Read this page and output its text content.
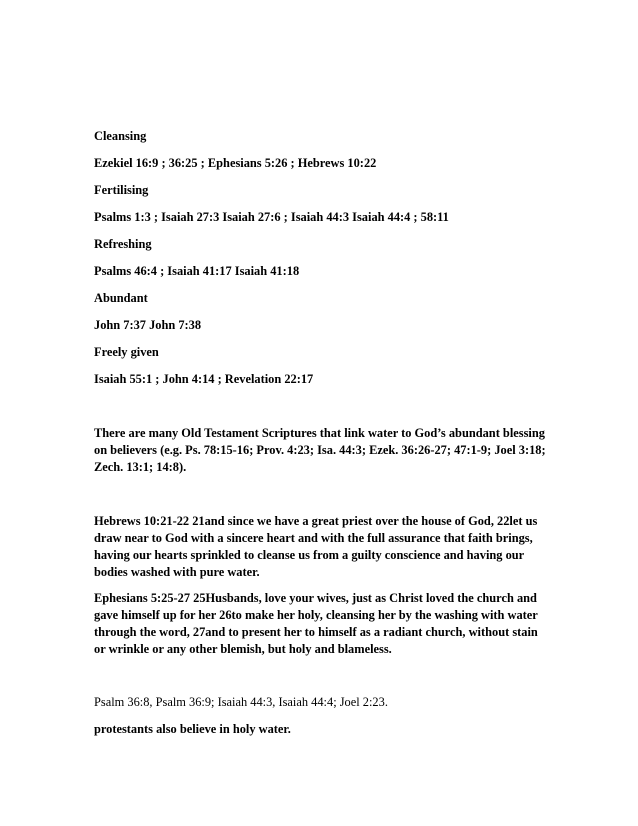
Cleansing
Ezekiel 16:9 ; 36:25 ; Ephesians 5:26 ; Hebrews 10:22
Fertilising
Psalms 1:3 ; Isaiah 27:3 Isaiah 27:6 ; Isaiah 44:3 Isaiah 44:4 ; 58:11
Refreshing
Psalms 46:4 ; Isaiah 41:17 Isaiah 41:18
Abundant
John 7:37 John 7:38
Freely given
Isaiah 55:1 ; John 4:14 ; Revelation 22:17
There are many Old Testament Scriptures that link water to God’s abundant blessing on believers (e.g. Ps. 78:15-16; Prov. 4:23; Isa. 44:3; Ezek. 36:26-27; 47:1-9; Joel 3:18; Zech. 13:1; 14:8).
Hebrews 10:21-22 21and since we have a great priest over the house of God, 22let us draw near to God with a sincere heart and with the full assurance that faith brings, having our hearts sprinkled to cleanse us from a guilty conscience and having our bodies washed with pure water.
Ephesians 5:25-27 25Husbands, love your wives, just as Christ loved the church and gave himself up for her 26to make her holy, cleansing her by the washing with water through the word, 27and to present her to himself as a radiant church, without stain or wrinkle or any other blemish, but holy and blameless.
Psalm 36:8, Psalm 36:9; Isaiah 44:3, Isaiah 44:4; Joel 2:23.
protestants also believe in holy water.
